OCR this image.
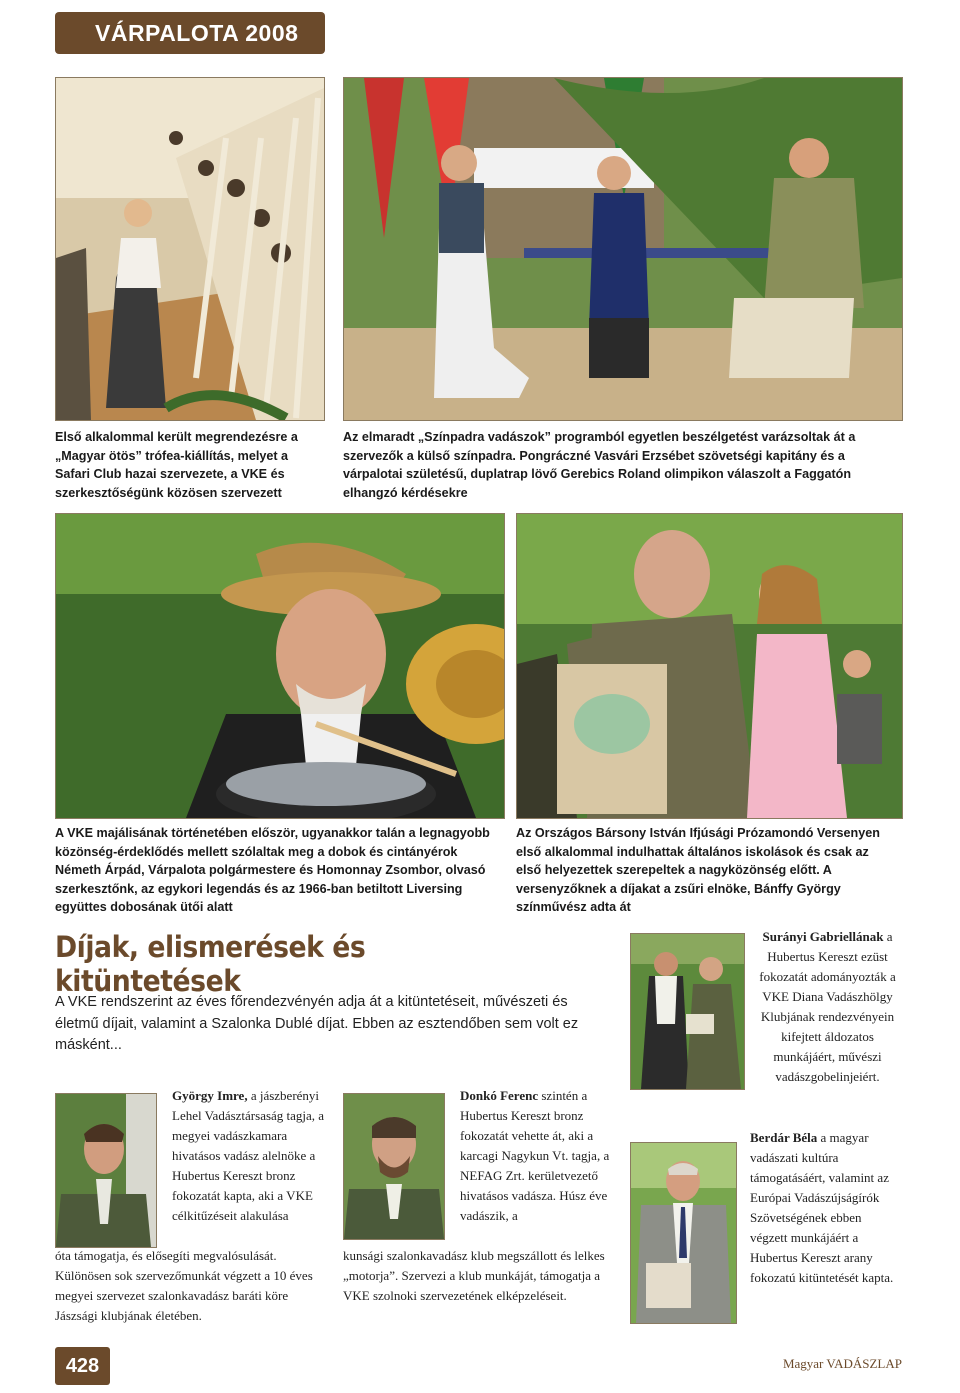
VÁRPALOTA 2008

Első alkalommal került megrendezésre a „Magyar ötös” trófea-kiállítás, melyet a Safari Club hazai szervezete, a VKE és szerkesztőségünk közösen szervezett

Az elmaradt „Színpadra vadászok” programból egyetlen beszélgetést varázsoltak át a szervezők a külső színpadra. Pongráczné Vasvári Erzsébet szövetségi kapitány és a várpalotai születésű, duplatrap lövő Gerebics Roland olimpikon válaszolt a Faggatón elhangzó kérdésekre

A VKE majálisának történetében először, ugyanakkor talán a legnagyobb közönség-érdeklődés mellett szólaltak meg a dobok és cintányérok Németh Árpád, Várpalota polgármestere és Homonnay Zsombor, olvasó szerkesztőnk, az egykori legendás és az 1966-ban betiltott Liversing együttes dobosának ütői alatt

Az Országos Bársony István Ifjúsági Prózamondó Versenyen első alkalommal indulhattak általános iskolások és csak az első helyezettek szerepeltek a nagyközönség előtt. A versenyzőknek a díjakat a zsűri elnöke, Bánffy György színművész adta át

Díjak, elismerések és kitüntetések
A VKE rendszerint az éves főrendezvényén adja át a kitüntetéseit, művészeti és életmű díjait, valamint a Szalonka Dublé díjat. Ebben az esztendőben sem volt ez másként...

György Imre, a jászberényi Lehel Vadásztársaság tagja, a megyei vadászkamara hivatásos vadász alelnöke a Hubertus Kereszt bronz fokozatát kapta, aki a VKE célkitűzéseit alakulása

óta támogatja, és elősegíti megvalósulását. Különösen sok szervezőmunkát végzett a 10 éves megyei szervezet szalonkavadász baráti köre Jászsági klubjának életében.

Donkó Ferenc szintén a Hubertus Kereszt bronz fokozatát vehette át, aki a karcagi Nagykun Vt. tagja, a NEFAG Zrt. kerületvezető hivatásos vadásza. Húsz éve vadászik, a

kunsági szalonkavadász klub megszállott és lelkes „motorja”. Szervezi a klub munkáját, támogatja a VKE szolnoki szervezetének elképzeléseit.

Surányi Gabriellának a Hubertus Kereszt ezüst fokozatát adományozták a VKE Diana Vadászhölgy Klubjának rendezvényein kifejtett áldozatos munkájáért, művészi vadászgobelinjeiért.

Berdár Béla a magyar vadászati kultúra támogatásáért, valamint az Európai Vadászújságírók Szövetségének ebben végzett munkájáért a Hubertus Kereszt arany fokozatú kitüntetését kapta.

428	Magyar VADÁSZLAP
